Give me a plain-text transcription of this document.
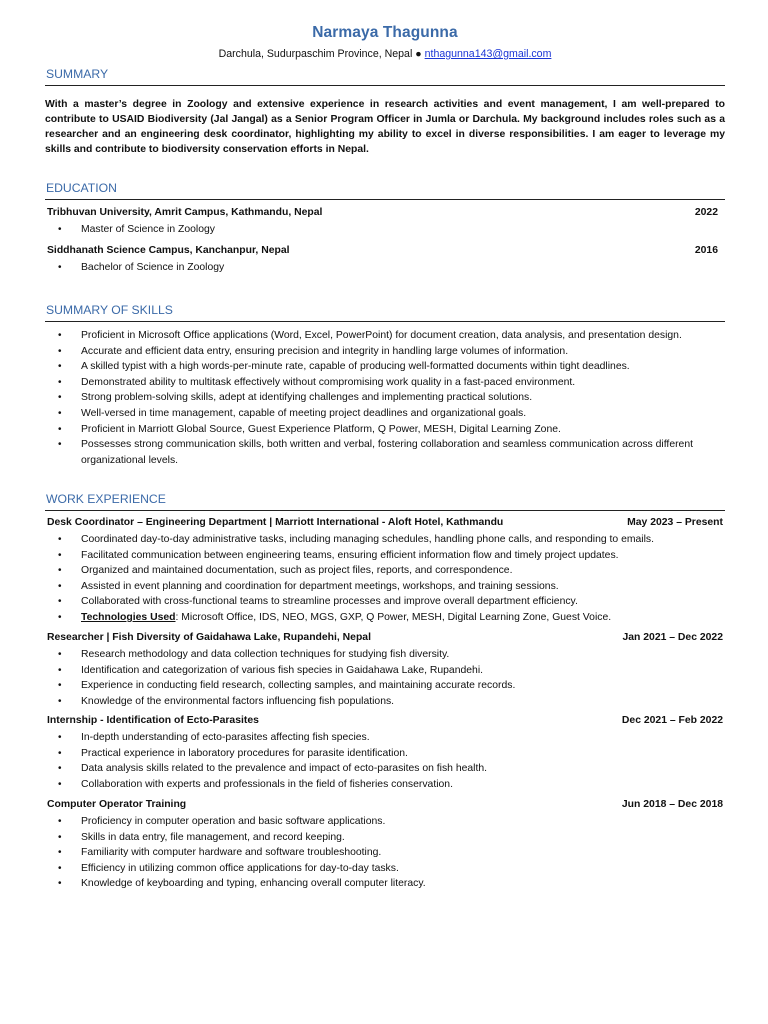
Narmaya Thagunna
Darchula, Sudurpaschim Province, Nepal ● nthagunna143@gmail.com
SUMMARY
With a master’s degree in Zoology and extensive experience in research activities and event management, I am well-prepared to contribute to USAID Biodiversity (Jal Jangal) as a Senior Program Officer in Jumla or Darchula. My background includes roles such as a researcher and an engineering desk coordinator, highlighting my ability to excel in diverse responsibilities. I am eager to leverage my skills and contribute to biodiversity conservation efforts in Nepal.
EDUCATION
Tribhuvan University, Amrit Campus, Kathmandu, Nepal	2022
• Master of Science in Zoology
Siddhanath Science Campus, Kanchanpur, Nepal	2016
• Bachelor of Science in Zoology
SUMMARY OF SKILLS
• Proficient in Microsoft Office applications (Word, Excel, PowerPoint) for document creation, data analysis, and presentation design.
• Accurate and efficient data entry, ensuring precision and integrity in handling large volumes of information.
• A skilled typist with a high words-per-minute rate, capable of producing well-formatted documents within tight deadlines.
• Demonstrated ability to multitask effectively without compromising work quality in a fast-paced environment.
• Strong problem-solving skills, adept at identifying challenges and implementing practical solutions.
• Well-versed in time management, capable of meeting project deadlines and organizational goals.
• Proficient in Marriott Global Source, Guest Experience Platform, Q Power, MESH, Digital Learning Zone.
• Possesses strong communication skills, both written and verbal, fostering collaboration and seamless communication across different organizational levels.
WORK EXPERIENCE
Desk Coordinator – Engineering Department | Marriott International - Aloft Hotel, Kathmandu	May 2023 – Present
• Coordinated day-to-day administrative tasks, including managing schedules, handling phone calls, and responding to emails.
• Facilitated communication between engineering teams, ensuring efficient information flow and timely project updates.
• Organized and maintained documentation, such as project files, reports, and correspondence.
• Assisted in event planning and coordination for department meetings, workshops, and training sessions.
• Collaborated with cross-functional teams to streamline processes and improve overall department efficiency.
• Technologies Used: Microsoft Office, IDS, NEO, MGS, GXP, Q Power, MESH, Digital Learning Zone, Guest Voice.
Researcher | Fish Diversity of Gaidahawa Lake, Rupandehi, Nepal	Jan 2021 – Dec 2022
• Research methodology and data collection techniques for studying fish diversity.
• Identification and categorization of various fish species in Gaidahawa Lake, Rupandehi.
• Experience in conducting field research, collecting samples, and maintaining accurate records.
• Knowledge of the environmental factors influencing fish populations.
Internship - Identification of Ecto-Parasites	Dec 2021 – Feb 2022
• In-depth understanding of ecto-parasites affecting fish species.
• Practical experience in laboratory procedures for parasite identification.
• Data analysis skills related to the prevalence and impact of ecto-parasites on fish health.
• Collaboration with experts and professionals in the field of fisheries conservation.
Computer Operator Training	Jun 2018 – Dec 2018
• Proficiency in computer operation and basic software applications.
• Skills in data entry, file management, and record keeping.
• Familiarity with computer hardware and software troubleshooting.
• Efficiency in utilizing common office applications for day-to-day tasks.
• Knowledge of keyboarding and typing, enhancing overall computer literacy.
